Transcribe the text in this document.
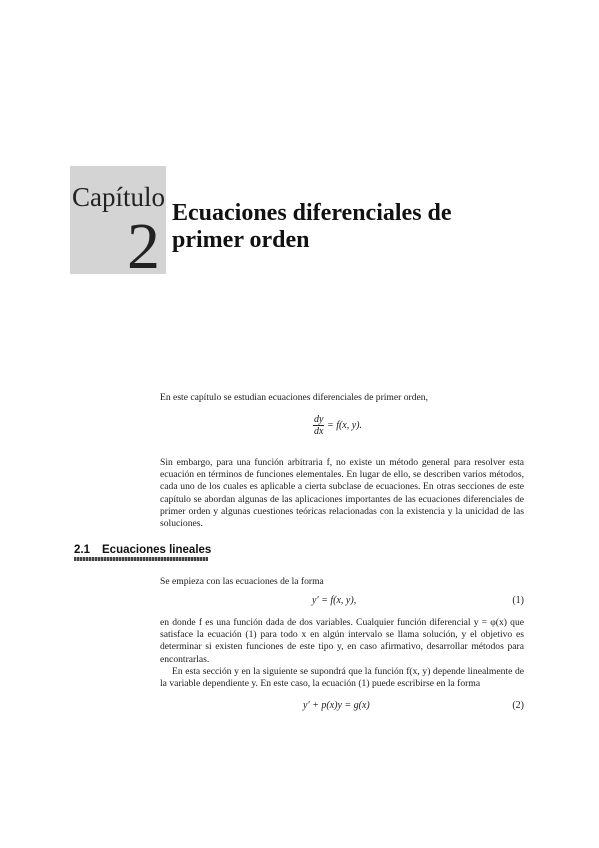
Capítulo
2 Ecuaciones diferenciales de
primer orden

En este capítulo se estudian ecuaciones diferenciales de primer orden,

$\frac{dy}{dx} = f(x$, y).

Sin embargo, para una función arbitraria f, no existe un método general para resolver esta ecuación en términos de funciones elementales. En lugar de ello, se describen varios métodos, cada uno de los cuales es aplicable a cierta subclase de ecuaciones. En otras secciones de este capítulo se abordan algunas de las aplicaciones importantes de las ecuaciones diferenciales de primer orden y algunas cuestiones teóricas relacionadas con la existencia y la unicidad de las soluciones.

2.1 Ecuaciones lineales

Se empieza con las ecuaciones de la forma

y′ = f(x, y),	(1)

en donde f es una función dada de dos variables. Cualquier función diferencial y = φ(x) que satisface la ecuación (1) para todo x en algún intervalo se llama solución, y el objetivo es determinar si existen funciones de este tipo y, en caso afirmativo, desarrollar métodos para encontrarlas.

En esta sección y en la siguiente se supondrá que la función f(x, y) depende linealmente de la variable dependiente y. En este caso, la ecuación (1) puede escribirse en la forma

y′ + p(x)y = g(x)	(2)
